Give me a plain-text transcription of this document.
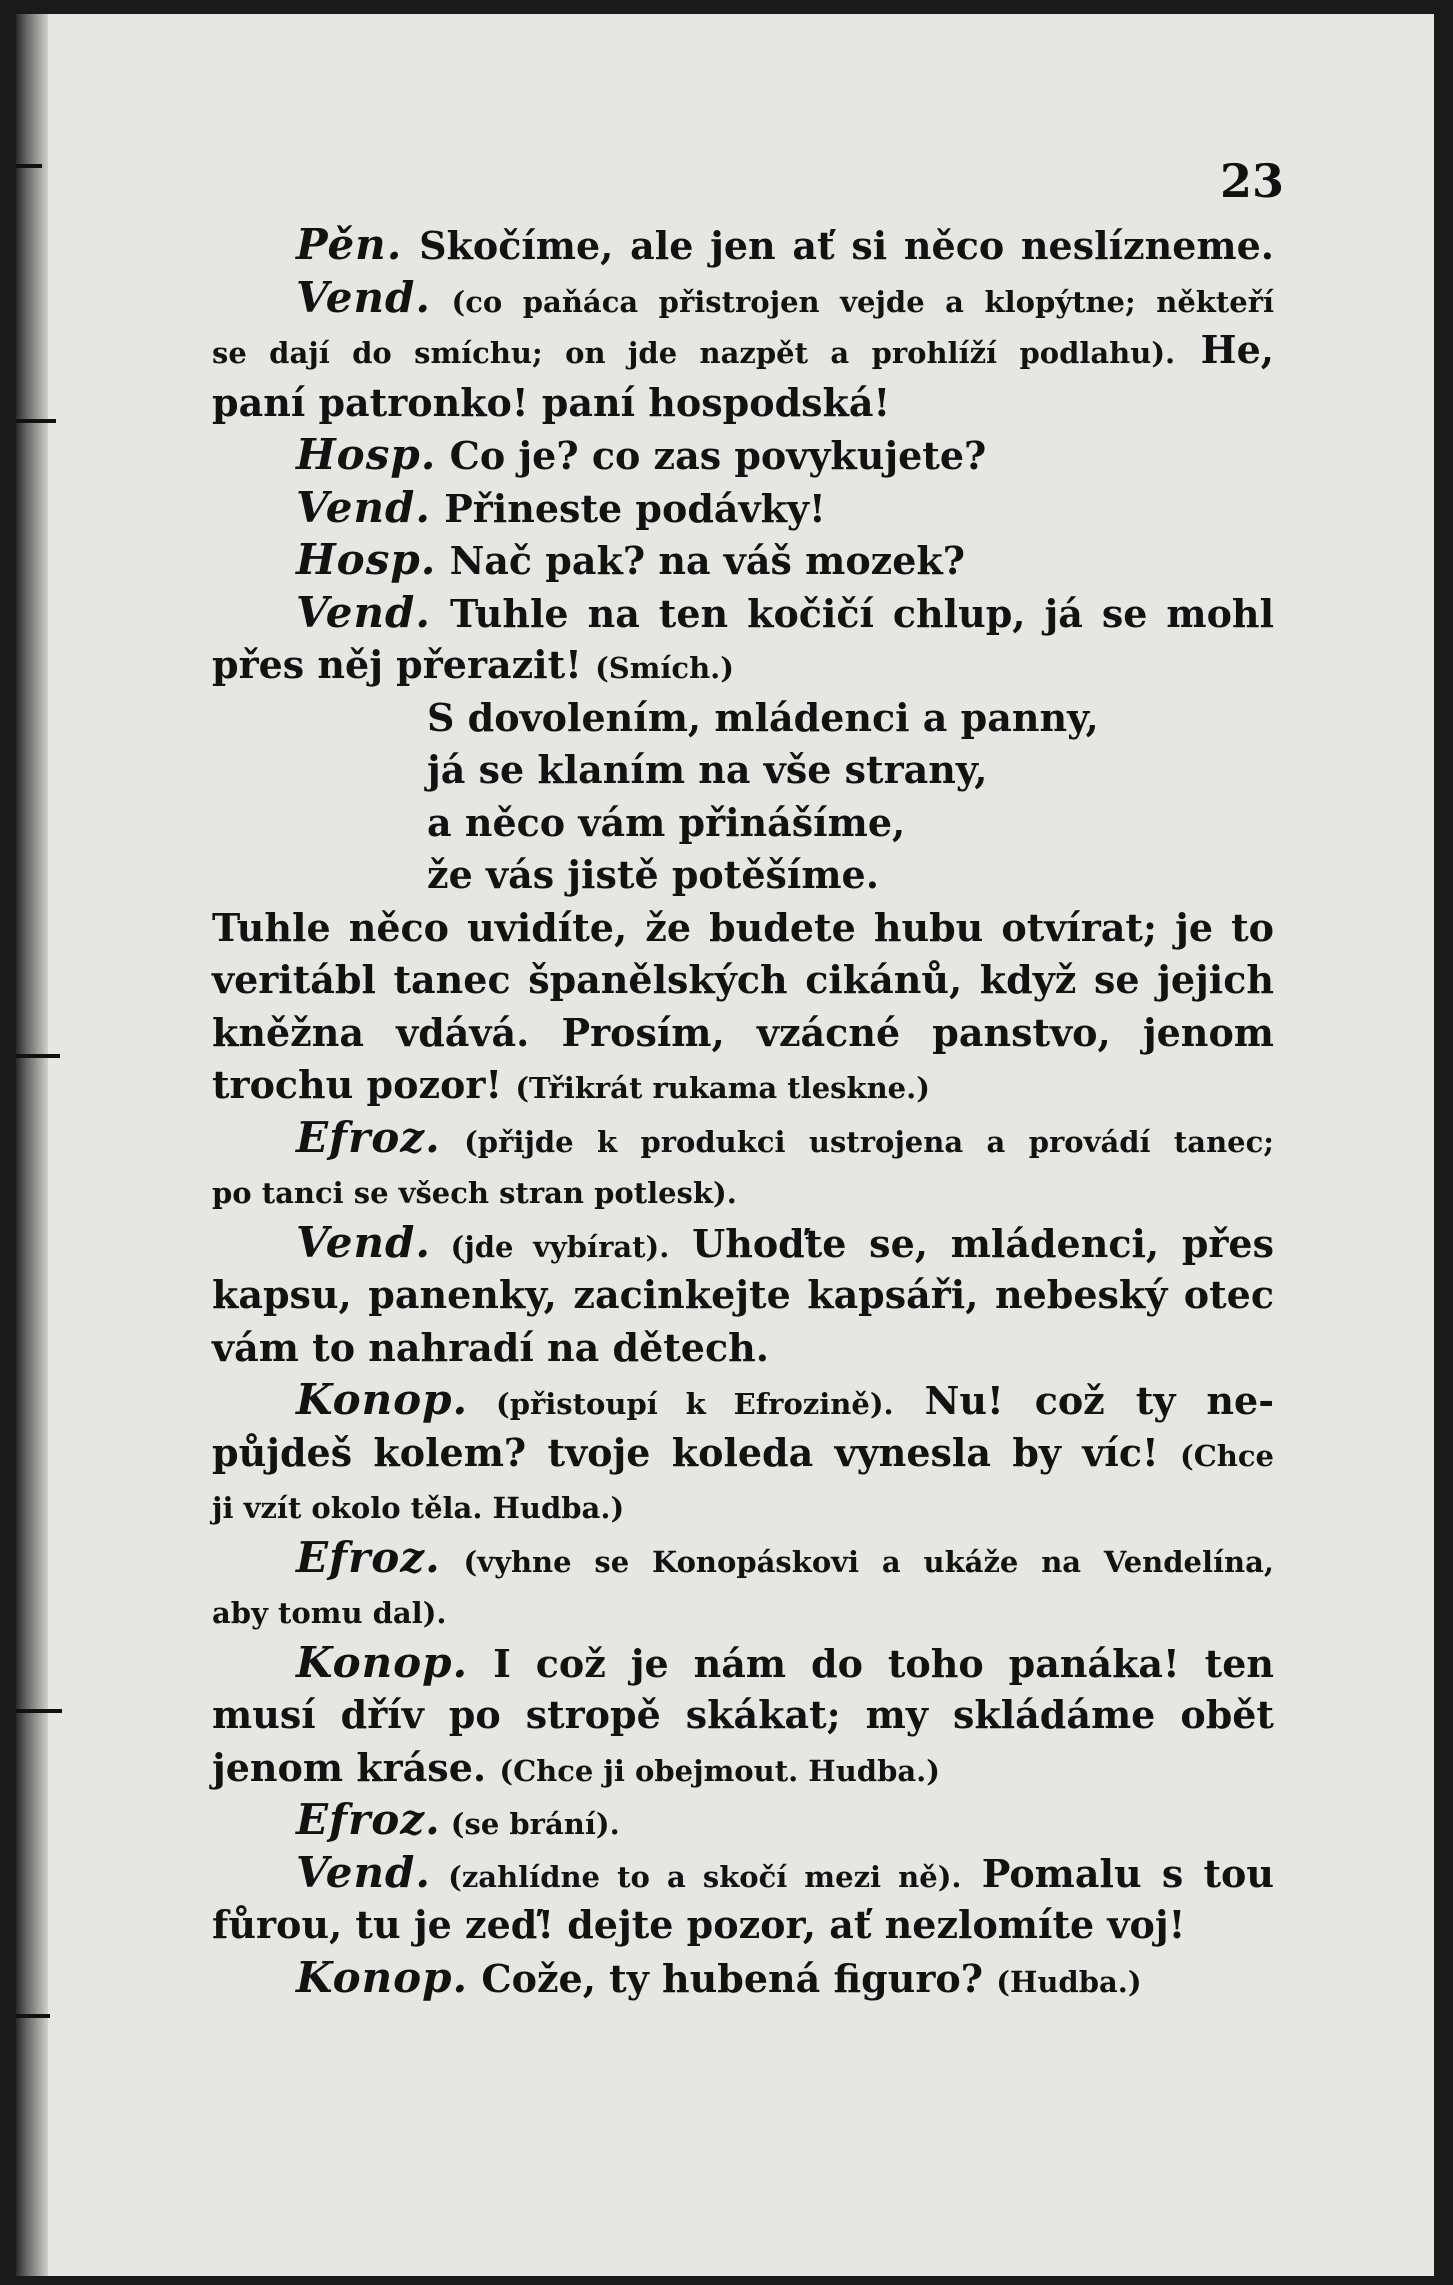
23
Pěn. Skočíme, ale jen ať si něco neslízneme.
Vend. (co paňáca přistrojen vejde a klopýtne; někteří
se dají do smíchu; on jde nazpět a prohlíží podlahu). He,
paní patronko! paní hospodská!
Hosp. Co je? co zas povykujete?
Vend. Přineste podávky!
Hosp. Nač pak? na váš mozek?
Vend. Tuhle na ten kočičí chlup, já se mohl
přes něj přerazit! (Smích.)
S dovolením, mládenci a panny,
já se klaním na vše strany,
a něco vám přinášíme,
že vás jistě potěšíme.
Tuhle něco uvidíte, že budete hubu otvírat; je to
veritábl tanec španělských cikánů, když se jejich
kněžna vdává. Prosím, vzácné panstvo, jenom
trochu pozor! (Třikrát rukama tleskne.)
Efroz. (přijde k produkci ustrojena a provádí tanec;
po tanci se všech stran potlesk).
Vend. (jde vybírat). Uhoďte se, mládenci, přes
kapsu, panenky, zacinkejte kapsáři, nebeský otec
vám to nahradí na dětech.
Konop. (přistoupí k Efrozině). Nu! což ty ne-
půjdeš kolem? tvoje koleda vynesla by víc! (Chce
ji vzít okolo těla. Hudba.)
Efroz. (vyhne se Konopáskovi a ukáže na Vendelína,
aby tomu dal).
Konop. I což je nám do toho panáka! ten
musí dřív po stropě skákat; my skládáme obět
jenom kráse. (Chce ji obejmout. Hudba.)
Efroz. (se brání).
Vend. (zahlídne to a skočí mezi ně). Pomalu s tou
fůrou, tu je zeď! dejte pozor, ať nezlomíte voj!
Konop. Cože, ty hubená figuro? (Hudba.)
